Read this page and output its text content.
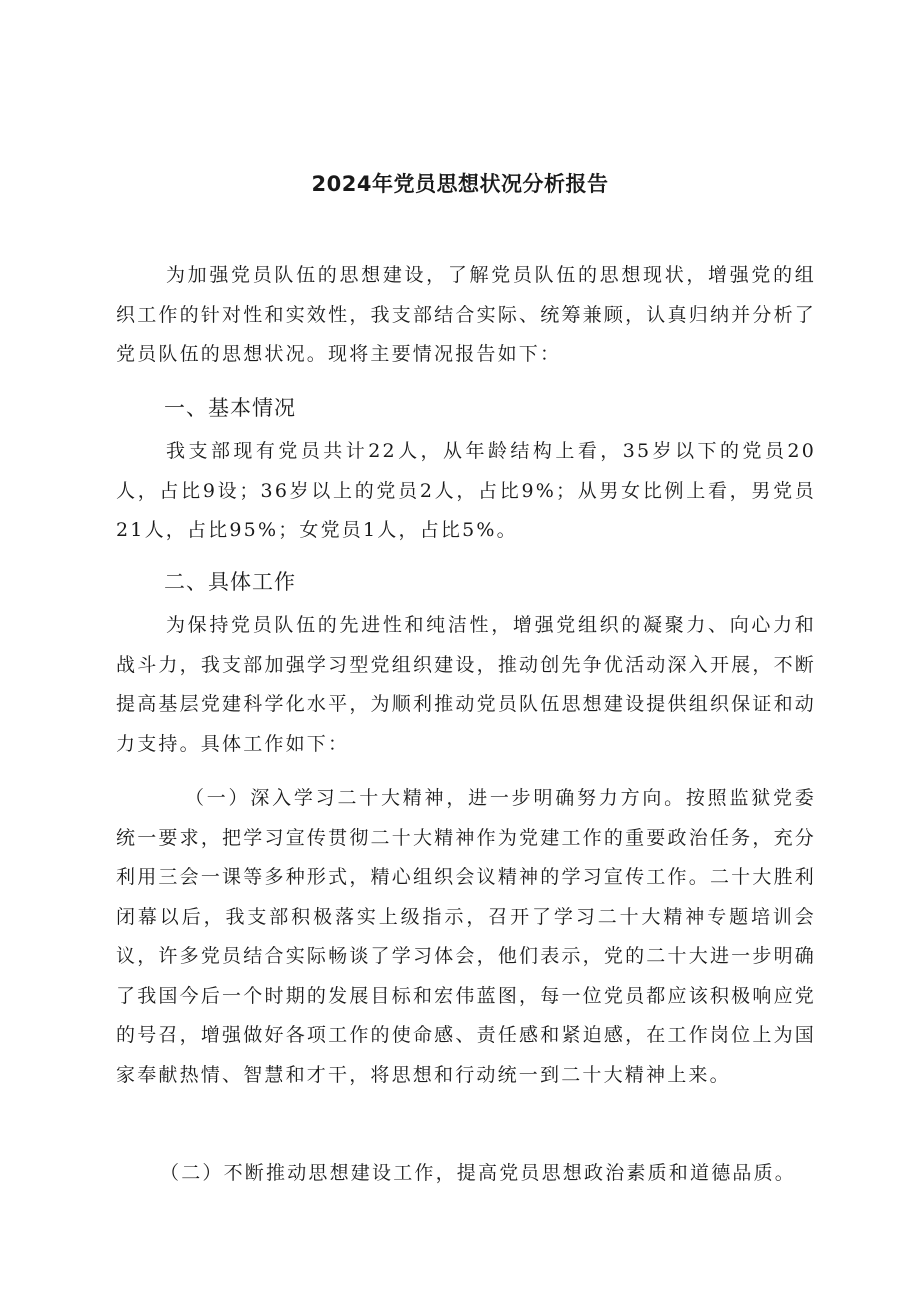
2024年党员思想状况分析报告

为加强党员队伍的思想建设，了解党员队伍的思想现状，增强党的组织工作的针对性和实效性，我支部结合实际、统筹兼顾，认真归纳并分析了党员队伍的思想状况。现将主要情况报告如下：

一、基本情况

我支部现有党员共计22人，从年龄结构上看，35岁以下的党员20人，占比9设；36岁以上的党员2人，占比9%；从男女比例上看，男党员21人，占比95%；女党员1人，占比5%。

二、具体工作

为保持党员队伍的先进性和纯洁性，增强党组织的凝聚力、向心力和战斗力，我支部加强学习型党组织建设，推动创先争优活动深入开展，不断提高基层党建科学化水平，为顺利推动党员队伍思想建设提供组织保证和动力支持。具体工作如下：

（一）深入学习二十大精神，进一步明确努力方向。按照监狱党委统一要求，把学习宣传贯彻二十大精神作为党建工作的重要政治任务，充分利用三会一课等多种形式，精心组织会议精神的学习宣传工作。二十大胜利闭幕以后，我支部积极落实上级指示，召开了学习二十大精神专题培训会议，许多党员结合实际畅谈了学习体会，他们表示，党的二十大进一步明确了我国今后一个时期的发展目标和宏伟蓝图，每一位党员都应该积极响应党的号召，增强做好各项工作的使命感、责任感和紧迫感，在工作岗位上为国家奉献热情、智慧和才干，将思想和行动统一到二十大精神上来。

（二）不断推动思想建设工作，提高党员思想政治素质和道德品质。
